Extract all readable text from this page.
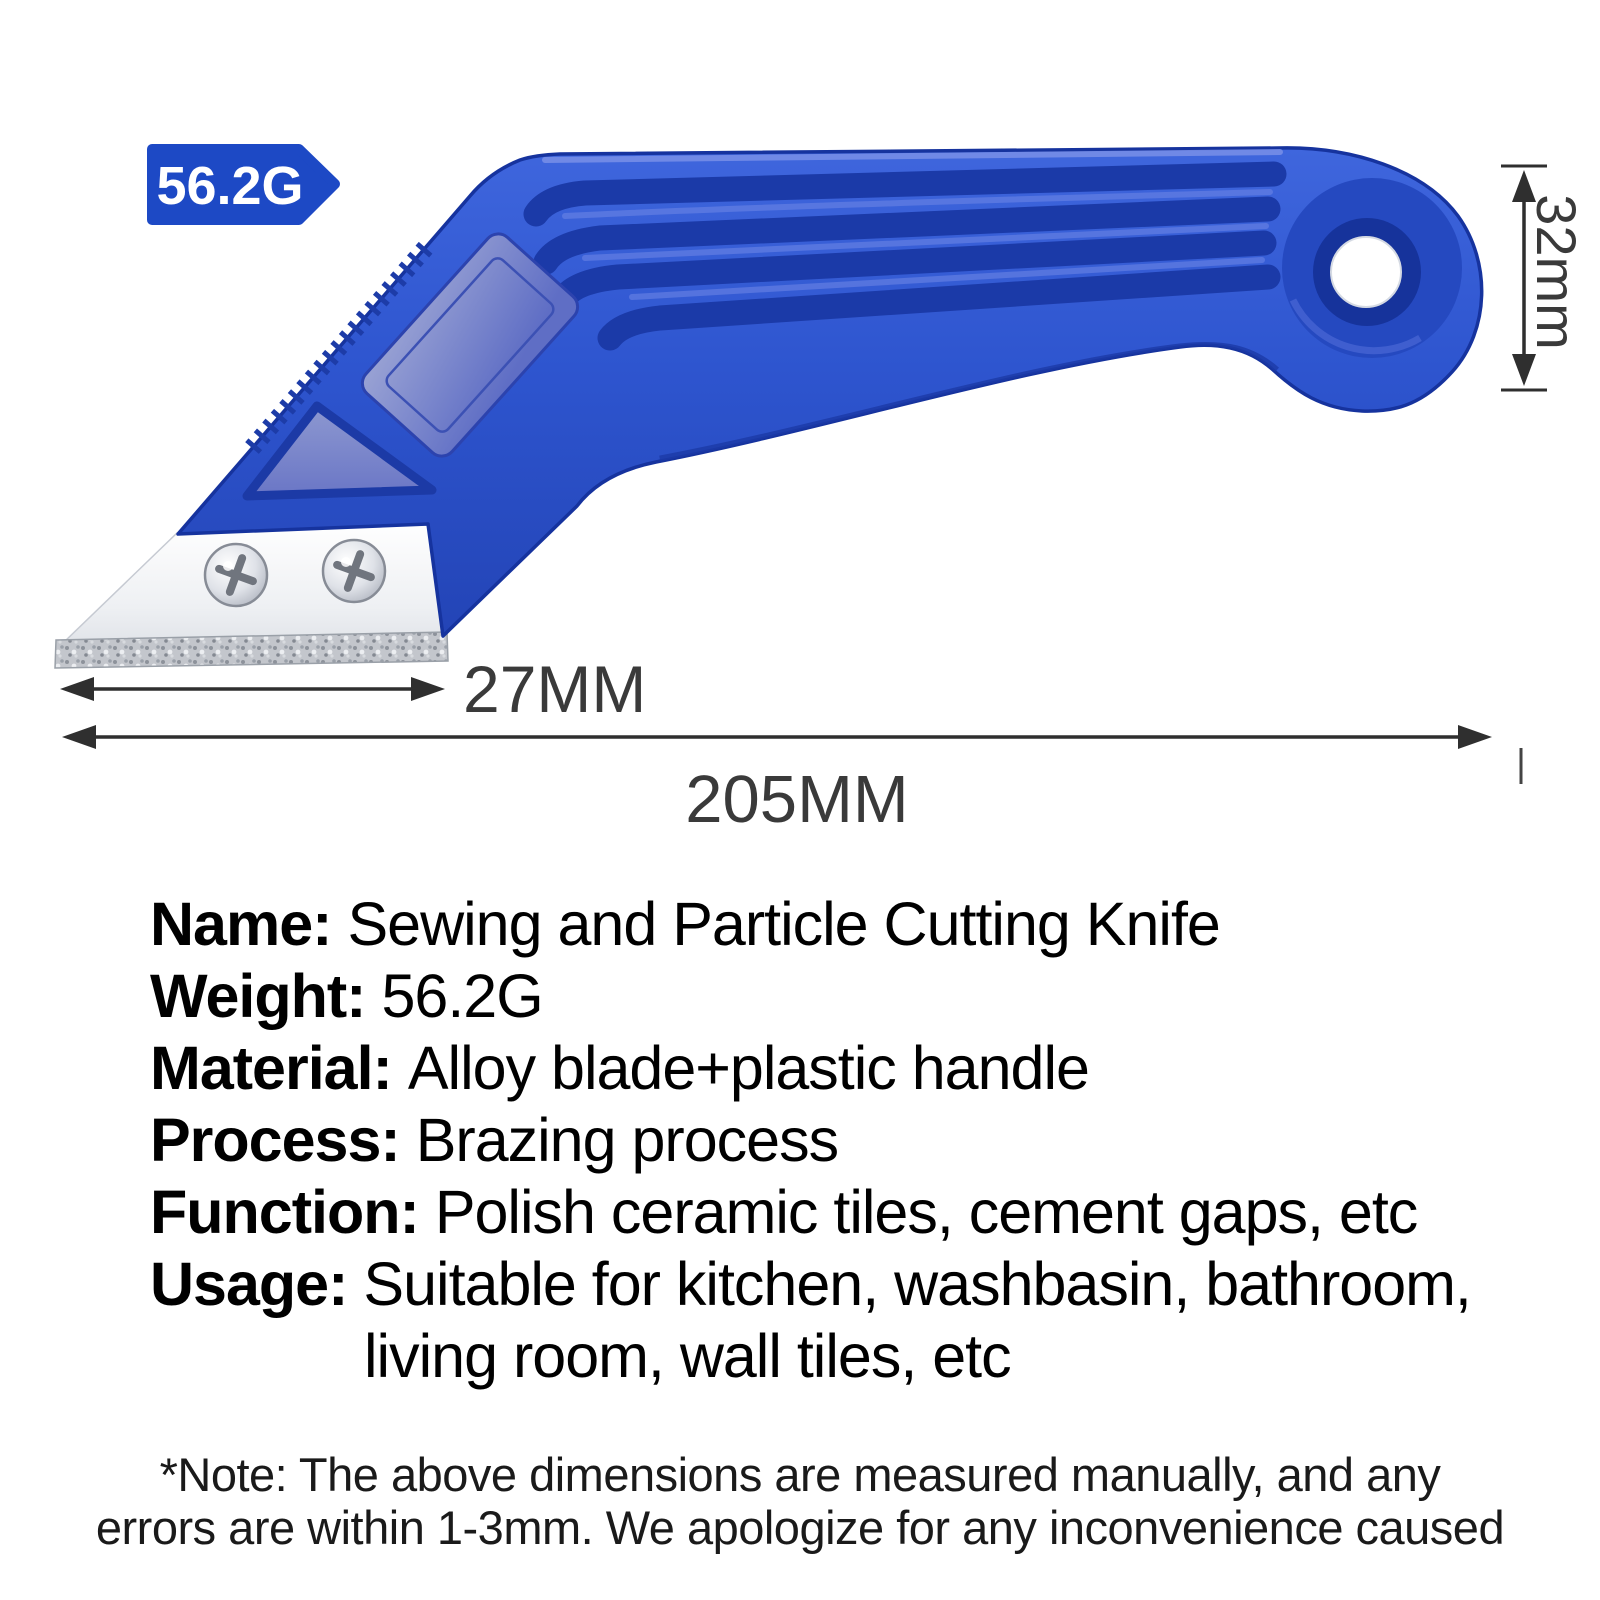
56.2G
32mm
27MM
205MM
Name: Sewing and Particle Cutting Knife
Weight: 56.2G
Material: Alloy blade+plastic handle
Process: Brazing process
Function: Polish ceramic tiles, cement gaps, etc
Usage: Suitable for kitchen, washbasin, bathroom,
living room, wall tiles, etc
*Note: The above dimensions are measured manually, and any
errors are within 1-3mm. We apologize for any inconvenience caused
